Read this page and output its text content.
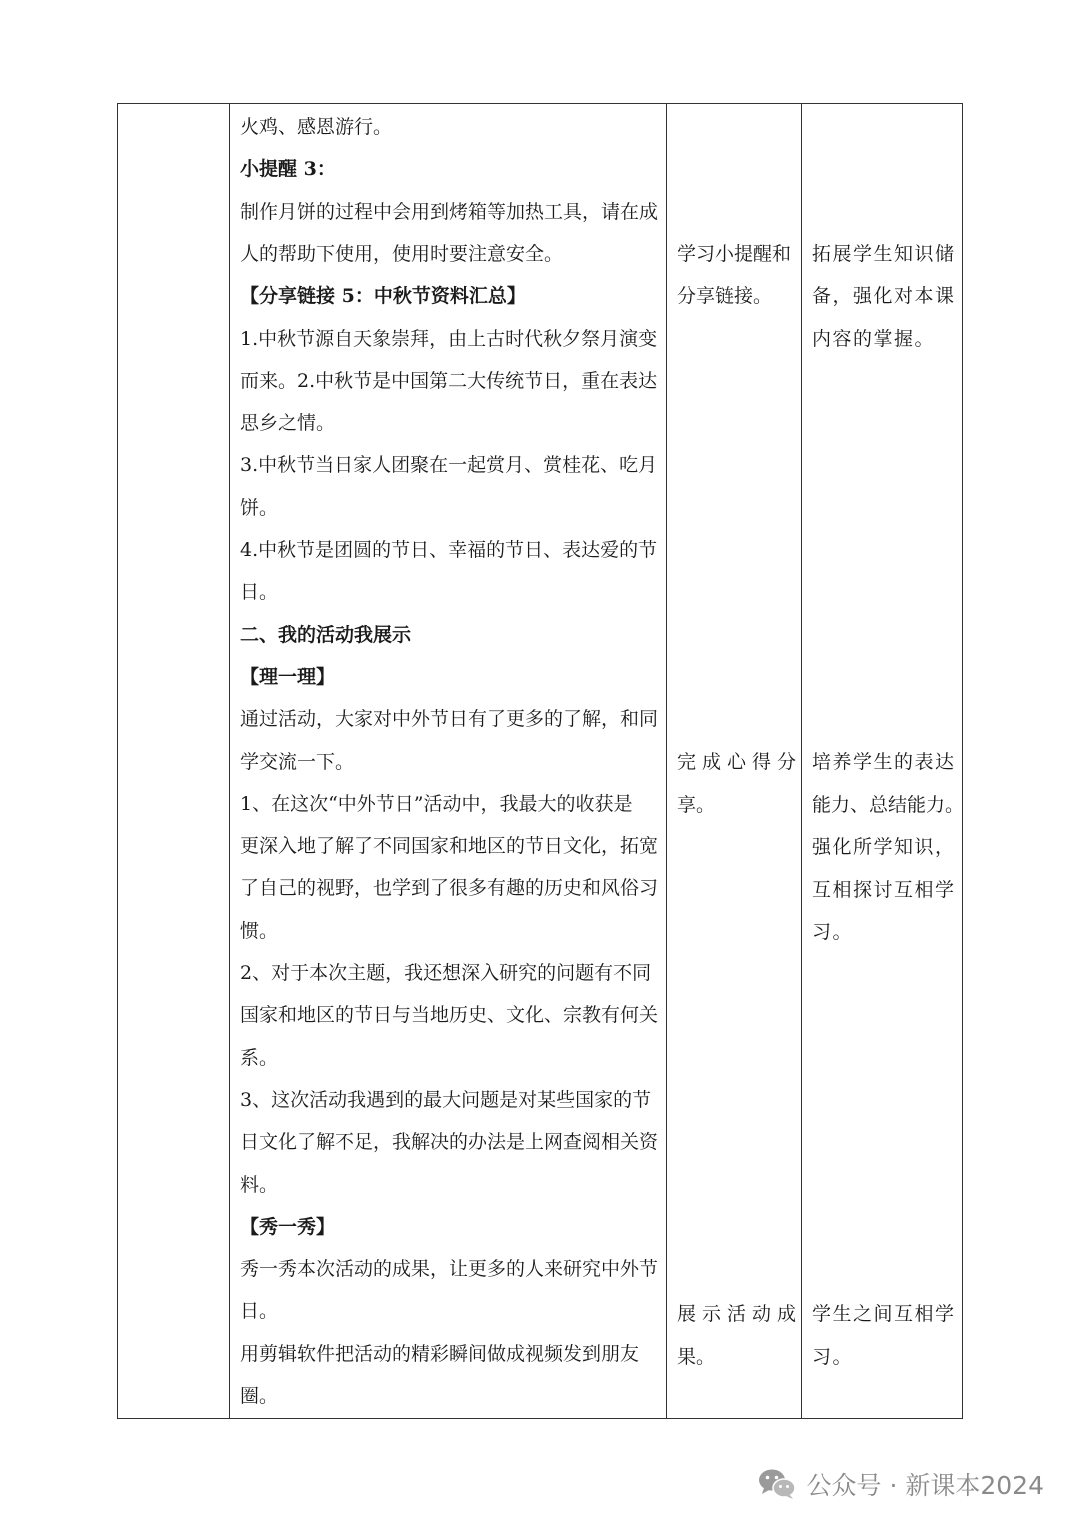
火鸡、感恩游行。
小提醒 3：
制作月饼的过程中会用到烤箱等加热工具，请在成
人的帮助下使用，使用时要注意安全。
【分享链接 5：中秋节资料汇总】
1.中秋节源自天象崇拜，由上古时代秋夕祭月演变
而来。2.中秋节是中国第二大传统节日，重在表达
思乡之情。
3.中秋节当日家人团聚在一起赏月、赏桂花、吃月
饼。
4.中秋节是团圆的节日、幸福的节日、表达爱的节
日。
二、我的活动我展示
【理一理】
通过活动，大家对中外节日有了更多的了解，和同
学交流一下。
1、在这次“中外节日”活动中，我最大的收获是
更深入地了解了不同国家和地区的节日文化，拓宽
了自己的视野，也学到了很多有趣的历史和风俗习
惯。
2、对于本次主题，我还想深入研究的问题有不同
国家和地区的节日与当地历史、文化、宗教有何关
系。
3、这次活动我遇到的最大问题是对某些国家的节
日文化了解不足，我解决的办法是上网查阅相关资
料。
【秀一秀】
秀一秀本次活动的成果，让更多的人来研究中外节
日。
用剪辑软件把活动的精彩瞬间做成视频发到朋友
圈。
学习小提醒和
分享链接。
完成心得分
享。
展示活动成
果。
拓展学生知识储
备，强化对本课
内容的掌握。
培养学生的表达
能力、总结能力。
强化所学知识，
互相探讨互相学
习。
学生之间互相学
习。
公众号 · 新课本2024
